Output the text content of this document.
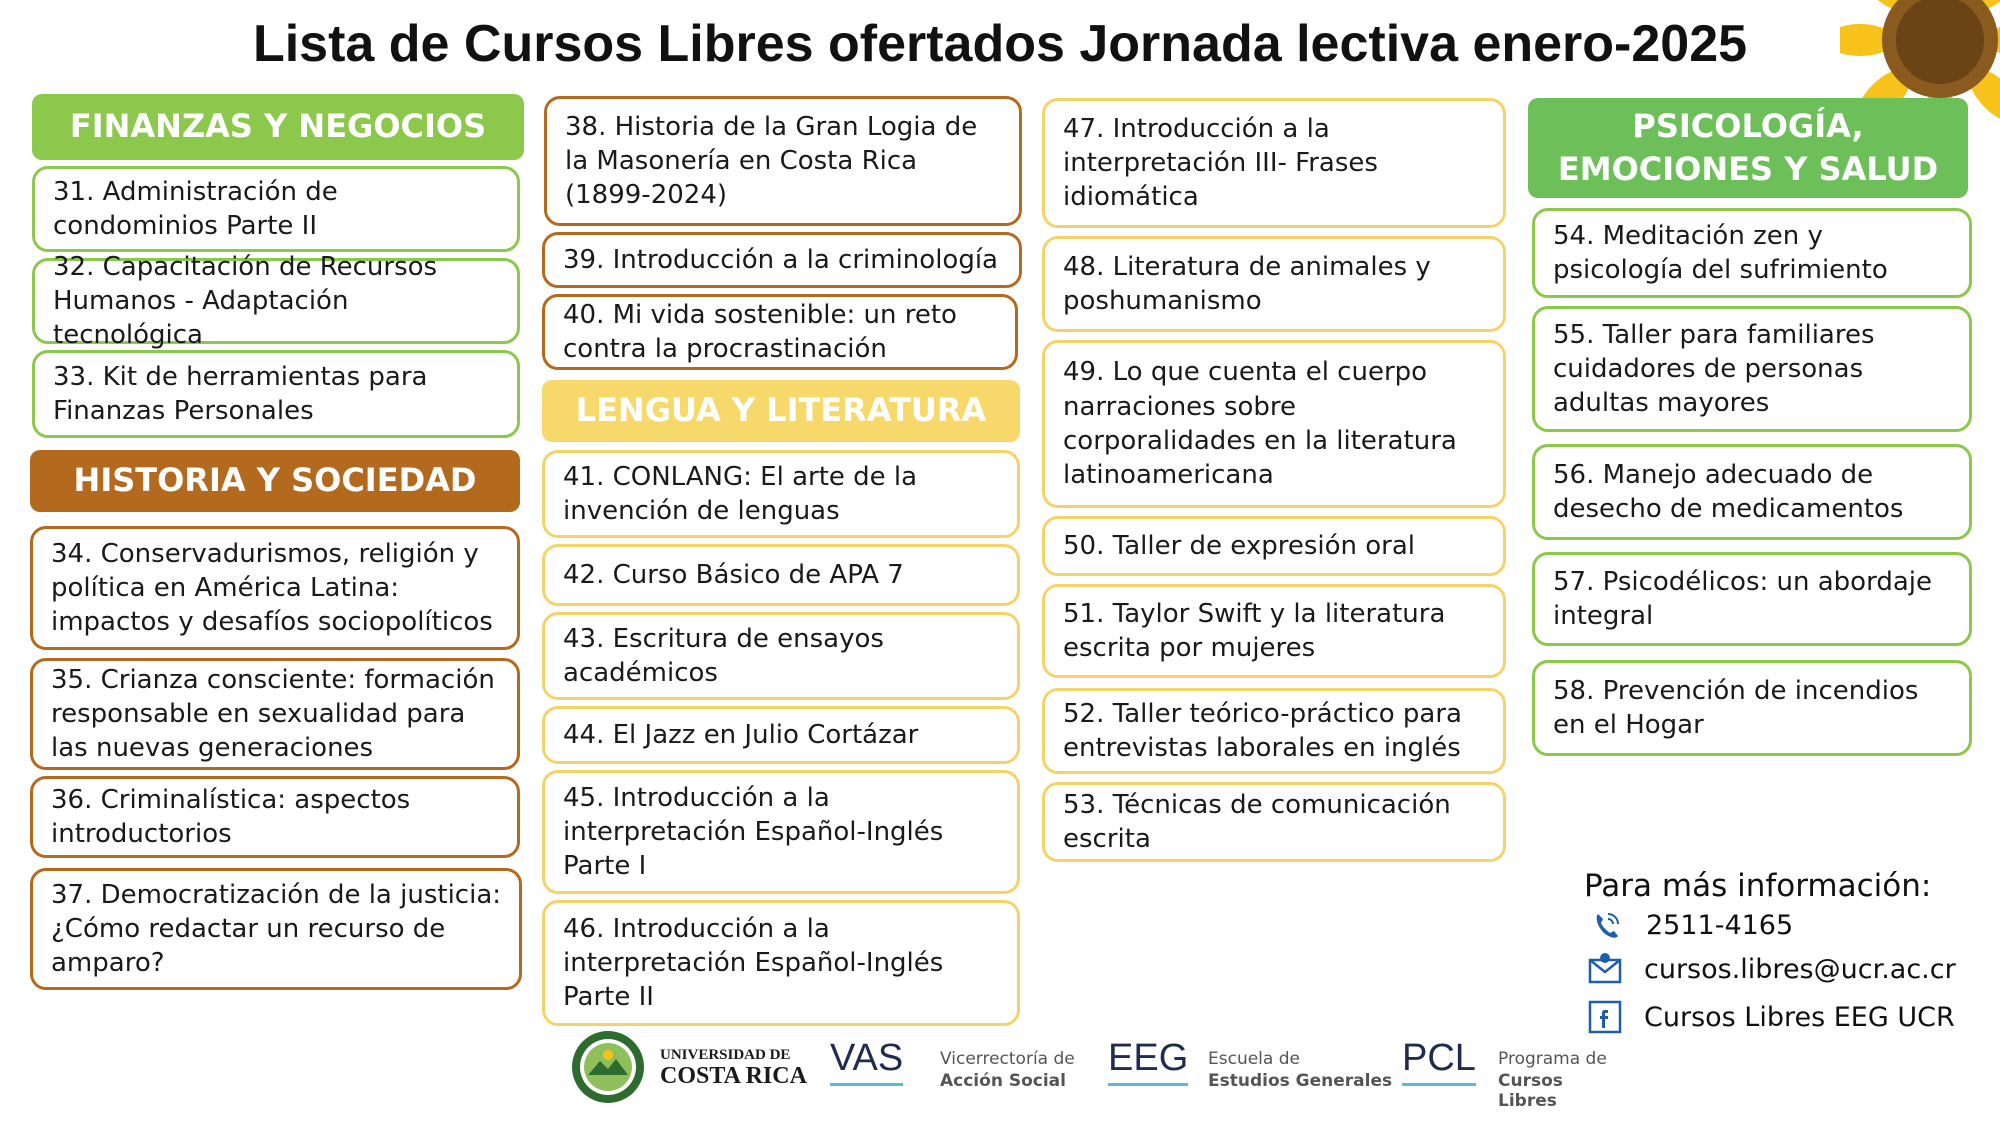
Lista de Cursos Libres ofertados Jornada lectiva enero-2025
FINANZAS Y NEGOCIOS
31. Administración de condominios Parte II
32. Capacitación de Recursos Humanos - Adaptación tecnológica
33. Kit de herramientas para Finanzas Personales
HISTORIA Y SOCIEDAD
34. Conservadurismos, religión y política en América Latina: impactos y desafíos sociopolíticos
35. Crianza consciente: formación responsable en sexualidad para las nuevas generaciones
36. Criminalística: aspectos introductorios
37. Democratización de la justicia: ¿Cómo redactar un recurso de amparo?
38. Historia de la Gran Logia de la Masonería en Costa Rica (1899-2024)
39. Introducción a la criminología
40. Mi vida sostenible: un reto contra la procrastinación
LENGUA Y LITERATURA
41. CONLANG: El arte de la invención de lenguas
42. Curso Básico de APA 7
43. Escritura de ensayos académicos
44. El Jazz en Julio Cortázar
45. Introducción a la interpretación Español-Inglés Parte I
46. Introducción a la interpretación Español-Inglés Parte II
47. Introducción a la interpretación III- Frases idiomática
48. Literatura de animales y poshumanismo
49. Lo que cuenta el cuerpo narraciones sobre corporalidades en la literatura latinoamericana
50. Taller de expresión oral
51. Taylor Swift y la literatura escrita por mujeres
52. Taller teórico-práctico para entrevistas laborales en inglés
53. Técnicas de comunicación escrita
PSICOLOGÍA,
EMOCIONES Y SALUD
54. Meditación zen y psicología del sufrimiento
55. Taller para familiares cuidadores de personas adultas mayores
56. Manejo adecuado de desecho de medicamentos
57. Psicodélicos: un abordaje integral
58. Prevención de incendios en el Hogar
Para más información:
2511-4165
cursos.libres@ucr.ac.cr
Cursos Libres EEG UCR
UNIVERSIDAD DE
COSTA RICA VAS Vicerrectoría de
Acción Social
EEG Escuela de
Estudios Generales
PCL Programa de
Cursos Libres
